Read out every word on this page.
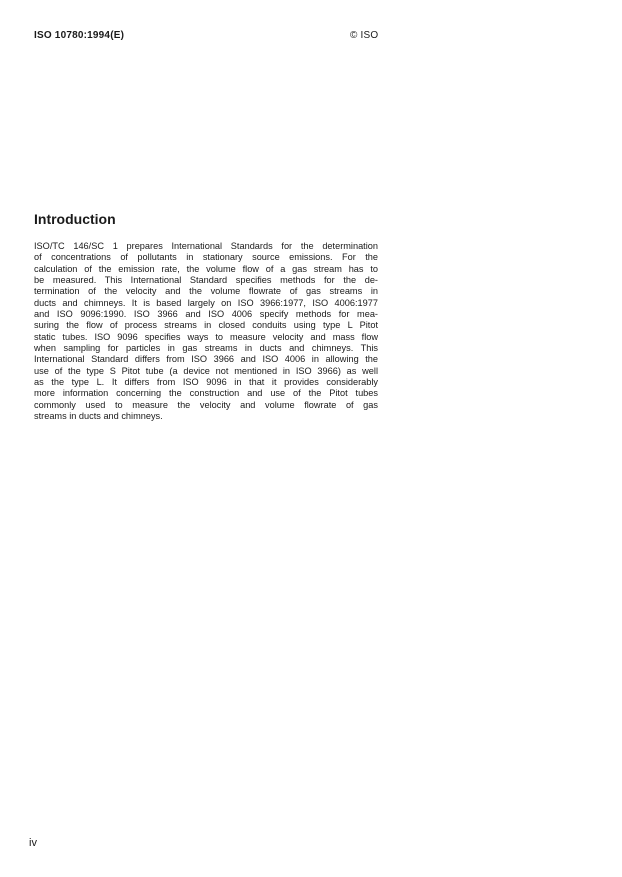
ISO 10780:1994(E)	© ISO
Introduction
ISO/TC 146/SC 1 prepares International Standards for the determination
of concentrations of pollutants in stationary source emissions. For the
calculation of the emission rate, the volume flow of a gas stream has to
be measured. This International Standard specifies methods for the de-
termination of the velocity and the volume flowrate of gas streams in
ducts and chimneys. It is based largely on ISO 3966:1977, ISO 4006:1977
and ISO 9096:1990. ISO 3966 and ISO 4006 specify methods for mea-
suring the flow of process streams in closed conduits using type L Pitot
static tubes. ISO 9096 specifies ways to measure velocity and mass flow
when sampling for particles in gas streams in ducts and chimneys. This
International Standard differs from ISO 3966 and ISO 4006 in allowing the
use of the type S Pitot tube (a device not mentioned in ISO 3966) as well
as the type L. It differs from ISO 9096 in that it provides considerably
more information concerning the construction and use of the Pitot tubes
commonly used to measure the velocity and volume flowrate of gas
streams in ducts and chimneys.
iv
